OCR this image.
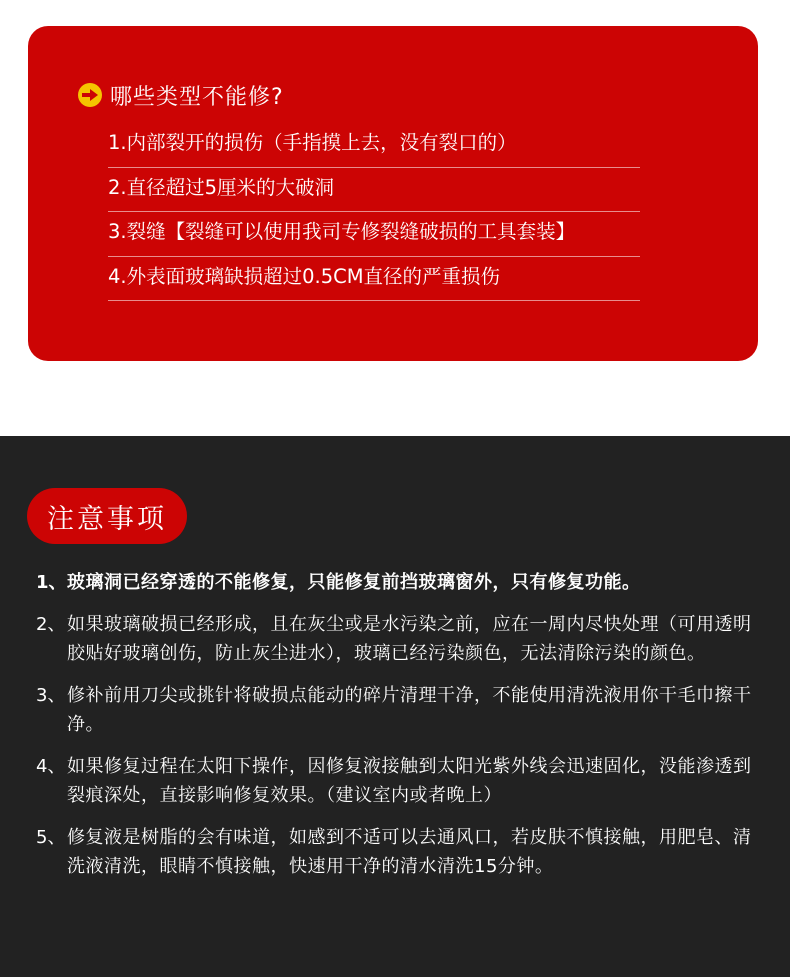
哪些类型不能修?
1.内部裂开的损伤（手指摸上去，没有裂口的）
2.直径超过5厘米的大破洞
3.裂缝【裂缝可以使用我司专修裂缝破损的工具套装】
4.外表面玻璃缺损超过0.5CM直径的严重损伤
注意事项
1、 玻璃洞已经穿透的不能修复，只能修复前挡玻璃窗外，只有修复功能。
2、 如果玻璃破损已经形成，且在灰尘或是水污染之前，应在一周内尽快处理（可用透明胶贴好玻璃创伤，防止灰尘进水），玻璃已经污染颜色，无法清除污染的颜色。
3、 修补前用刀尖或挑针将破损点能动的碎片清理干净，不能使用清洗液用你干毛巾擦干净。
4、 如果修复过程在太阳下操作，因修复液接触到太阳光紫外线会迅速固化，没能渗透到裂痕深处，直接影响修复效果。（建议室内或者晚上）
5、 修复液是树脂的会有味道，如感到不适可以去通风口，若皮肤不慎接触，用肥皂、清洗液清洗，眼睛不慎接触，快速用干净的清水清洗15分钟。
